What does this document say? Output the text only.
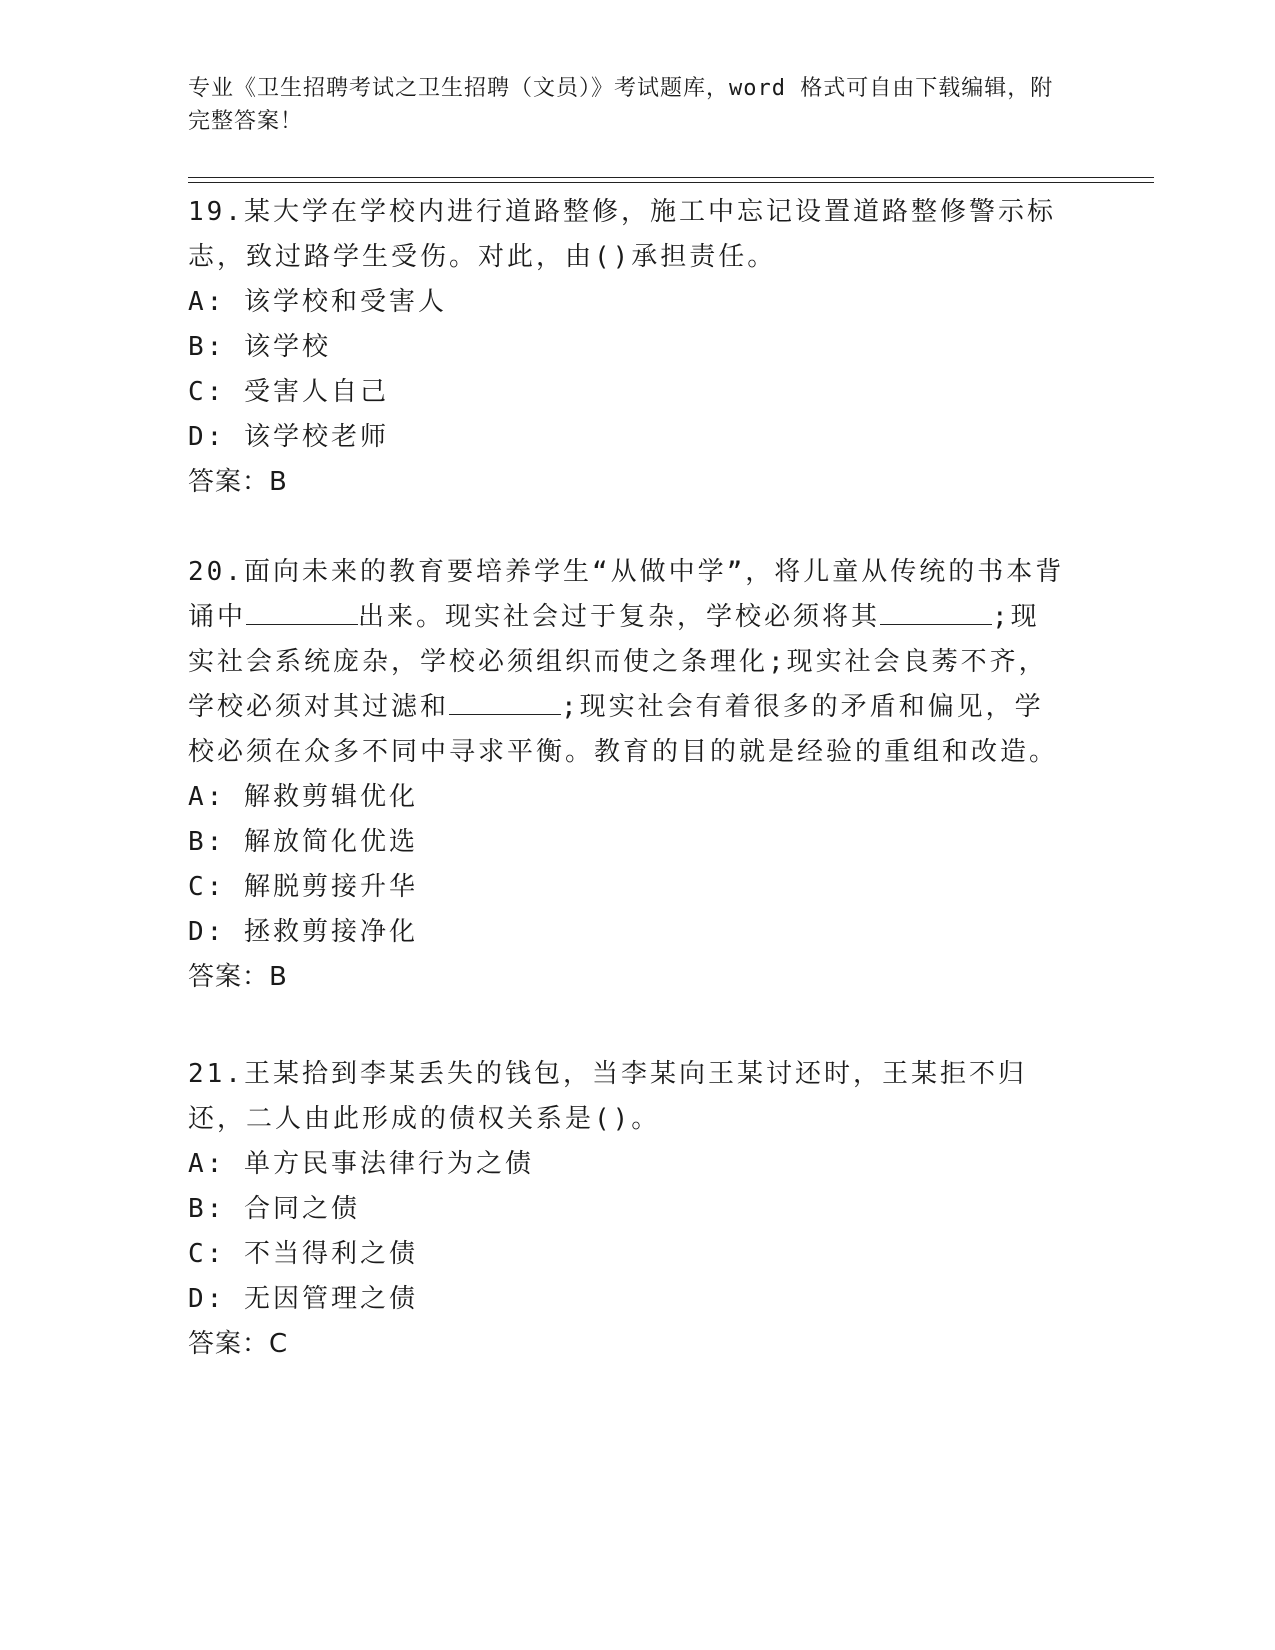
专业《卫生招聘考试之卫生招聘（文员）》考试题库，word 格式可自由下载编辑，附完整答案！

19.某大学在学校内进行道路整修，施工中忘记设置道路整修警示标志，致过路学生受伤。对此，由()承担责任。

A: 该学校和受害人

B: 该学校

C: 受害人自己

D: 该学校老师

答案：B

20.面向未来的教育要培养学生“从做中学”，将儿童从传统的书本背诵中	出来。现实社会过于复杂，学校必须将其	;现实社会系统庞杂，学校必须组织而使之条理化;现实社会良莠不齐，学校必须对其过滤和	;现实社会有着很多的矛盾和偏见，学校必须在众多不同中寻求平衡。教育的目的就是经验的重组和改造。

A: 解救剪辑优化

B: 解放简化优选

C: 解脱剪接升华

D: 拯救剪接净化

答案：B

21.王某拾到李某丢失的钱包，当李某向王某讨还时，王某拒不归还，二人由此形成的债权关系是()。

A: 单方民事法律行为之债

B: 合同之债

C: 不当得利之债

D: 无因管理之债

答案：C
